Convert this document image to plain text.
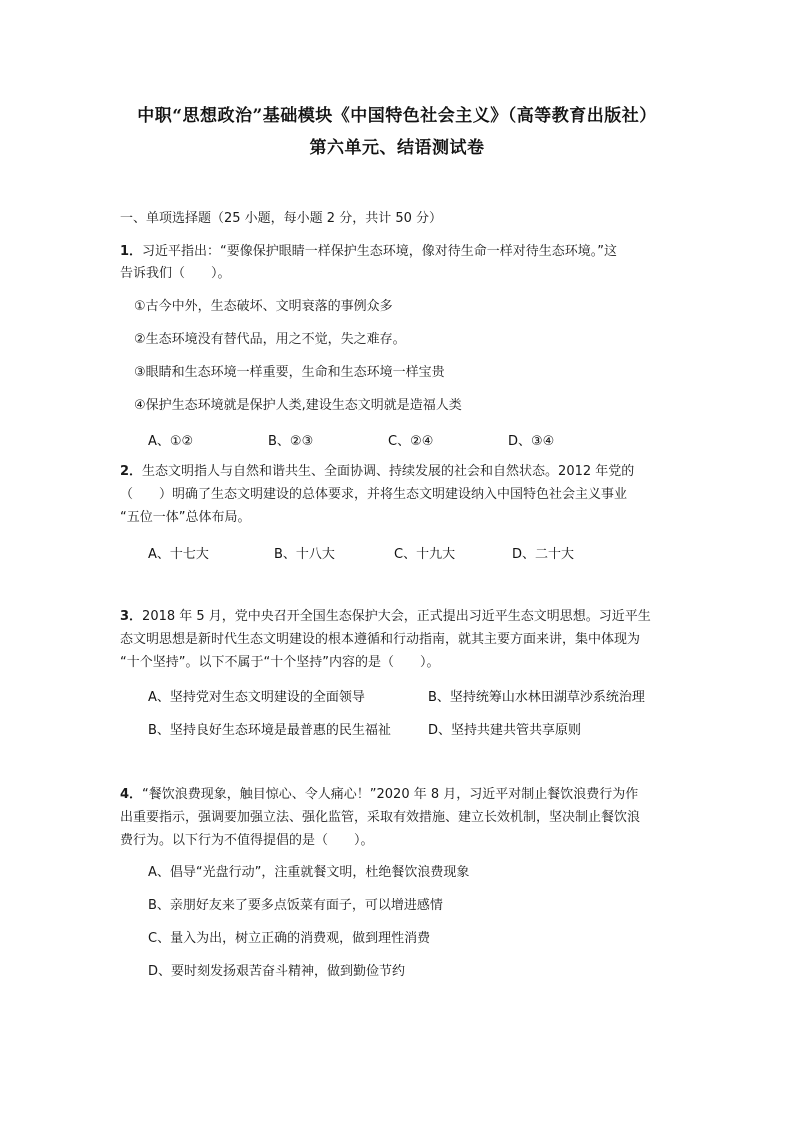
中职“思想政治”基础模块《中国特色社会主义》（高等教育出版社）
第六单元、结语测试卷
一、单项选择题（25 小题，每小题 2 分，共计 50 分）
1．习近平指出：“要像保护眼睛一样保护生态环境，像对待生命一样对待生态环境。”这
告诉我们（　　）。
①古今中外，生态破坏、文明衰落的事例众多
②生态环境没有替代品，用之不觉，失之难存。
③眼睛和生态环境一样重要，生命和生态环境一样宝贵
④保护生态环境就是保护人类,建设生态文明就是造福人类
A、①②	B、②③	C、②④	D、③④
2．生态文明指人与自然和谐共生、全面协调、持续发展的社会和自然状态。2012 年党的
（　　）明确了生态文明建设的总体要求，并将生态文明建设纳入中国特色社会主义事业
“五位一体”总体布局。
A、十七大	B、十八大	C、十九大	D、二十大
3．2018 年 5 月，党中央召开全国生态保护大会，正式提出习近平生态文明思想。习近平生
态文明思想是新时代生态文明建设的根本遵循和行动指南，就其主要方面来讲，集中体现为
“十个坚持”。以下不属于“十个坚持”内容的是（　　）。
A、坚持党对生态文明建设的全面领导	B、坚持统筹山水林田湖草沙系统治理
B、坚持良好生态环境是最普惠的民生福祉	D、坚持共建共管共享原则
4．“餐饮浪费现象，触目惊心、令人痛心！”2020 年 8 月，习近平对制止餐饮浪费行为作
出重要指示，强调要加强立法、强化监管，采取有效措施、建立长效机制，坚决制止餐饮浪
费行为。以下行为不值得提倡的是（　　）。
A、倡导“光盘行动”，注重就餐文明，杜绝餐饮浪费现象
B、亲朋好友来了要多点饭菜有面子，可以增进感情
C、量入为出，树立正确的消费观，做到理性消费
D、要时刻发扬艰苦奋斗精神，做到勤俭节约
